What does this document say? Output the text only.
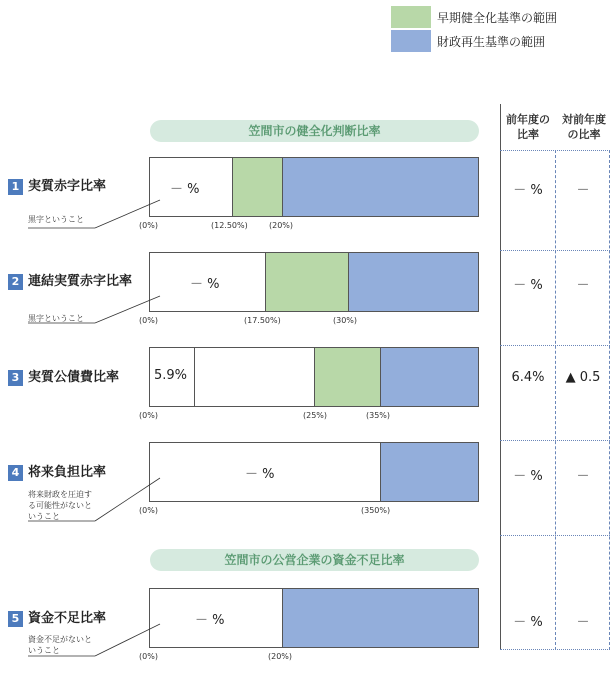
早期健全化基準の範囲
財政再生基準の範囲
前年度の比率
対前年度の比率
笠間市の健全化判断比率
笠間市の公営企業の資金不足比率
1 実質赤字比率
黒字ということ
－ %
(0%)	(12.50%)	(20%)
－ %	－
2 連結実質赤字比率
黒字ということ
－ %
(0%)	(17.50%)	(30%)
－ %	－
3 実質公債費比率	5.9%
(0%)	(25%)	(35%)
6.4%	▲ 0.5
4 将来負担比率
将来財政を圧迫する可能性がないということ
－ %
(0%)	(350%)
－ %	－
5 資金不足比率
資金不足がないということ
－ %
(0%)	(20%)
－ %	－
